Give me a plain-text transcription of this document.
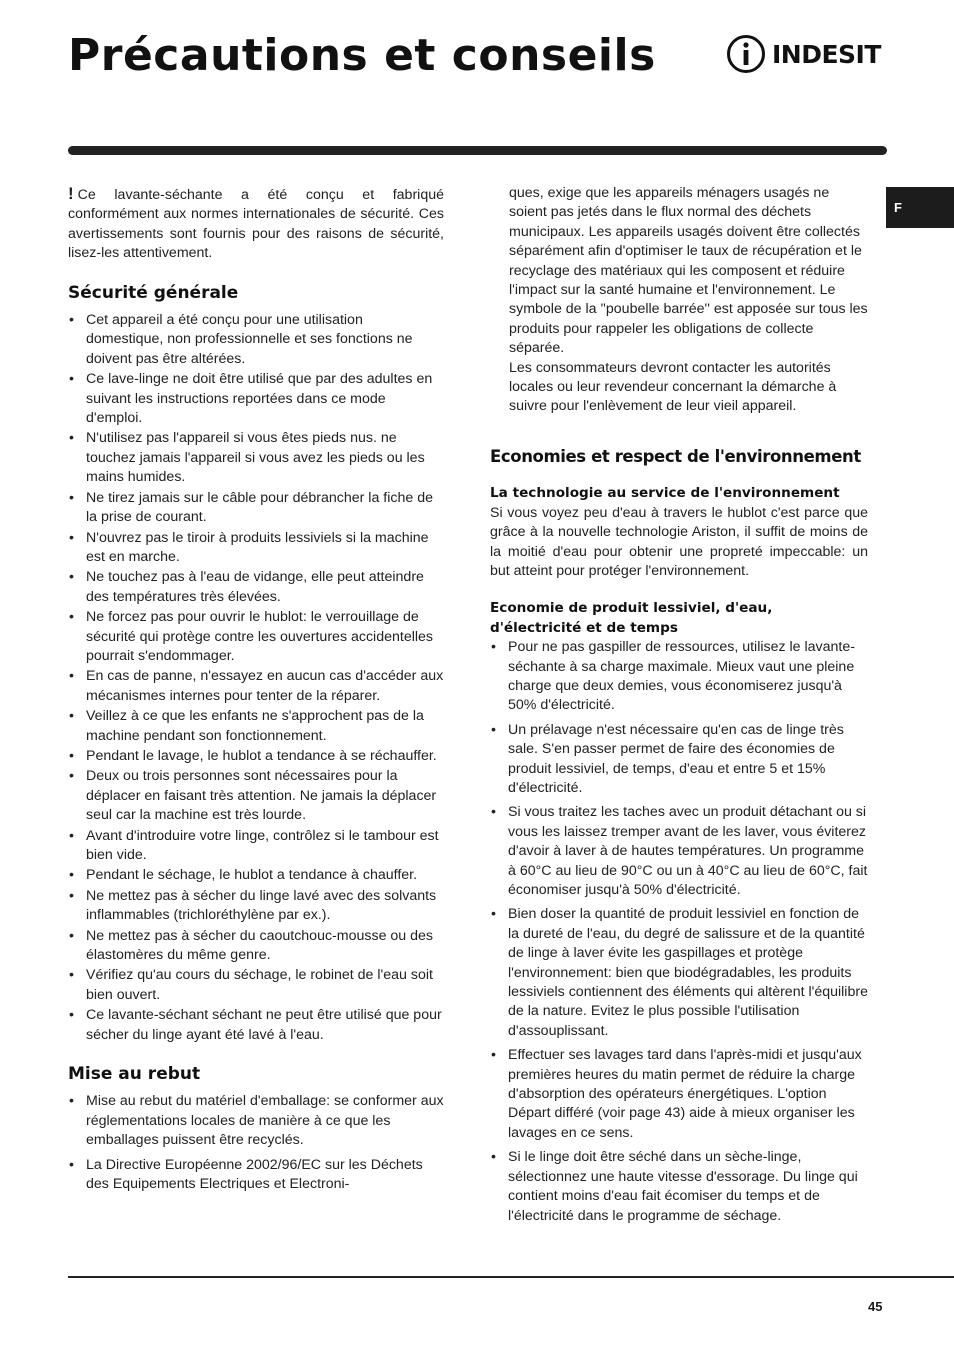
Précautions et conseils	INDESIT
F

! Ce lavante-séchante a été conçu et fabriqué conformément aux normes internationales de sécurité. Ces avertissements sont fournis pour des raisons de sécurité, lisez-les attentivement.

Sécurité générale
• Cet appareil a été conçu pour une utilisation domestique, non professionnelle et ses fonctions ne doivent pas être altérées.
• Ce lave-linge ne doit être utilisé que par des adultes en suivant les instructions reportées dans ce mode d'emploi.
• N'utilisez pas l'appareil si vous êtes pieds nus. ne touchez jamais l'appareil si vous avez les pieds ou les mains humides.
• Ne tirez jamais sur le câble pour débrancher la fiche de la prise de courant.
• N'ouvrez pas le tiroir à produits lessiviels si la machine est en marche.
• Ne touchez pas à l'eau de vidange, elle peut atteindre des températures très élevées.
• Ne forcez pas pour ouvrir le hublot: le verrouillage de sécurité qui protège contre les ouvertures accidentelles pourrait s'endommager.
• En cas de panne, n'essayez en aucun cas d'accéder aux mécanismes internes pour tenter de la réparer.
• Veillez à ce que les enfants ne s'approchent pas de la machine pendant son fonctionnement.
• Pendant le lavage, le hublot a tendance à se réchauffer.
• Deux ou trois personnes sont nécessaires pour la déplacer en faisant très attention. Ne jamais la déplacer seul car la machine est très lourde.
• Avant d'introduire votre linge, contrôlez si le tambour est bien vide.
• Pendant le séchage, le hublot a tendance à chauffer.
• Ne mettez pas à sécher du linge lavé avec des solvants inflammables (trichloréthylène par ex.).
• Ne mettez pas à sécher du caoutchouc-mousse ou des élastomères du même genre.
• Vérifiez qu'au cours du séchage, le robinet de l'eau soit bien ouvert.
• Ce lavante-séchant séchant ne peut être utilisé que pour sécher du linge ayant été lavé à l'eau.
Mise au rebut
• Mise au rebut du matériel d'emballage: se conformer aux réglementations locales de manière à ce que les emballages puissent être recyclés.
• La Directive Européenne 2002/96/EC sur les Déchets des Equipements Electriques et Electroni-

ques, exige que les appareils ménagers usagés ne soient pas jetés dans le flux normal des déchets municipaux. Les appareils usagés doivent être collectés séparément afin d'optimiser le taux de récupération et le recyclage des matériaux qui les composent et réduire l'impact sur la santé humaine et l'environnement. Le symbole de la ''poubelle barrée'' est apposée sur tous les produits pour rappeler les obligations de collecte séparée.

Les consommateurs devront contacter les autorités locales ou leur revendeur concernant la démarche à suivre pour l'enlèvement de leur vieil appareil.

Economies et respect de l'environnement
La technologie au service de l'environnement

Si vous voyez peu d'eau à travers le hublot c'est parce que grâce à la nouvelle technologie Ariston, il suffit de moins de la moitié d'eau pour obtenir une propreté impeccable: un but atteint pour protéger l'environnement.

Economie de produit lessiviel, d'eau, d'électricité et de temps
• Pour ne pas gaspiller de ressources, utilisez le lavante-séchante à sa charge maximale. Mieux vaut une pleine charge que deux demies, vous économiserez jusqu'à 50% d'électricité.
• Un prélavage n'est nécessaire qu'en cas de linge très sale. S'en passer permet de faire des économies de produit lessiviel, de temps, d'eau et entre 5 et 15% d'électricité.
• Si vous traitez les taches avec un produit détachant ou si vous les laissez tremper avant de les laver, vous éviterez d'avoir à laver à de hautes températures. Un programme à 60°C au lieu de 90°C ou un à 40°C au lieu de 60°C, fait économiser jusqu'à 50% d'électricité.
• Bien doser la quantité de produit lessiviel en fonction de la dureté de l'eau, du degré de salissure et de la quantité de linge à laver évite les gaspillages et protège l'environnement: bien que biodégradables, les produits lessiviels contiennent des éléments qui altèrent l'équilibre de la nature. Evitez le plus possible l'utilisation d'assouplissant.
• Effectuer ses lavages tard dans l'après-midi et jusqu'aux premières heures du matin permet de réduire la charge d'absorption des opérateurs énergétiques. L'option Départ différé (voir page 43) aide à mieux organiser les lavages en ce sens.
• Si le linge doit être séché dans un sèche-linge, sélectionnez une haute vitesse d'essorage. Du linge qui contient moins d'eau fait écomiser du temps et de l'électricité dans le programme de séchage.
45
